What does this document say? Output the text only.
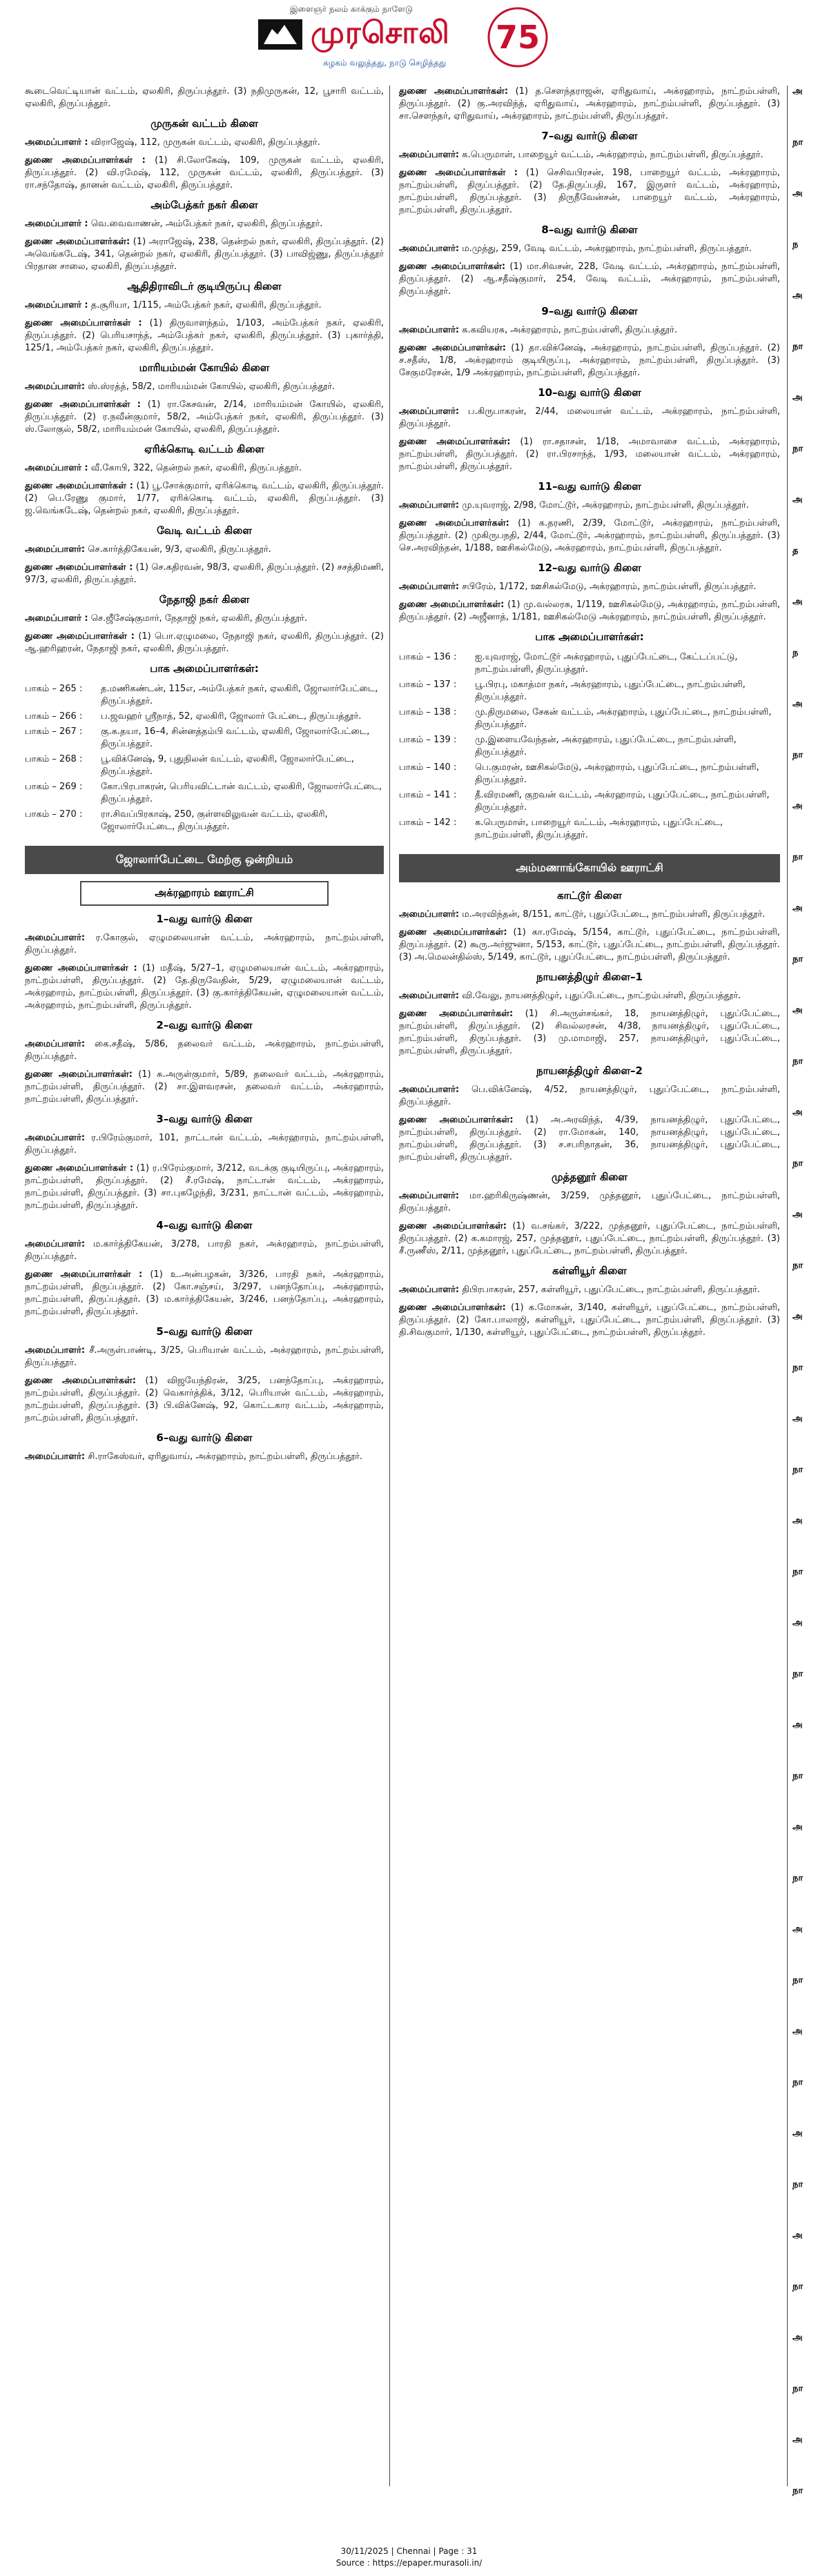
இளைஞர் நலம் காக்கும் நாளேடு
முரசொலி
கழகம் வலுத்தது, நாடு செழித்தது
75

கூடைவெட்டியான் வட்டம், ஏலகிரி, திருப்பத்தூர். (3) நதிமுருகன், 12, பூசாரி வட்டம், ஏலகிரி, திருப்பத்தூர்.

முருகன் வட்டம் கிளை

அமைப்பாளர் : விராஜேஷ், 112, முருகன் வட்டம், ஏலகிரி, திருப்பத்தூர்.

துணை அமைப்பாளர்கள் : (1) சி.லோகேஷ், 109, முருகன் வட்டம், ஏலகிரி, திருப்பத்தூர். (2) வி.ரமேஷ், 112, முருகன் வட்டம், ஏலகிரி, திருப்பத்தூர். (3) ரா.சந்தோஷ், தானன் வட்டம், ஏலகிரி, திருப்பத்தூர்.

அம்பேத்கர் நகர் கிளை

அமைப்பாளர் : வெ.வைவாணன், அம்பேத்கர் நகர், ஏலகிரி, திருப்பத்தூர்.

துணை அமைப்பாளர்கள்: (1) அராஜேஷ், 238, தென்றல் நகர், ஏலகிரி, திருப்பத்தூர். (2) அவெங்கடேஷ், 341, தென்றல் நகர், ஏலகிரி, திருப்பத்தூர். (3) பாவிஜ்ணு, திருப்பத்தூர் பிரதான சாலை, ஏலகிரி, திருப்பத்தூர்.

ஆதிதிராவிடர் குடியிருப்பு கிளை

அமைப்பாளர் : த.சூரியா, 1/115, அம்பேத்கர் நகர், ஏலகிரி, திருப்பத்தூர்.

துணை அமைப்பாளர்கள் : (1) திருவாளந்தம், 1/103, அம்பேத்கர் நகர், ஏலகிரி, திருப்பத்தூர். (2) பெரியசாந்த், அம்பேத்கர் நகர், ஏலகிரி, திருப்பத்தூர். (3) புகார்த்தி, 125/1, அம்பேத்கர் நகர், ஏலகிரி, திருப்பத்தூர்.

மாரியம்மன் கோயில் கிளை

அமைப்பாளர்: ஸ்.ஸ்ரத்த், 58/2, மாரியம்மன் கோயில், ஏலகிரி, திருப்பத்தூர்.

துணை அமைப்பாளர்கள் : (1) ரா.கேசவன், 2/14, மாரியம்மன் கோயில், ஏலகிரி, திருப்பத்தூர். (2) ர.நவீன்குமார், 58/2, அம்பேத்கர் நகர், ஏலகிரி, திருப்பத்தூர். (3) ஸ்.லோகுல், 58/2, மாரியம்மன் கோயில், ஏலகிரி, திருப்பத்தூர்.

ஏரிக்கொடி வட்டம் கிளை

அமைப்பாளர் : வீ.கோபி, 322, தென்றல் நகர், ஏலகிரி, திருப்பத்தூர்.

துணை அமைப்பாளர்கள் : (1) பூ.சோக்குமார், ஏரிக்கொடி வட்டம், ஏலகிரி, திருப்பத்தூர். (2) பெ.ரேணு குமார், 1/77, ஏரிக்கொடி வட்டம், ஏலகிரி, திருப்பத்தூர். (3) ஜ.வெங்கடேஷ், தென்றல் நகர், ஏலகிரி, திருப்பத்தூர்.

வேடி வட்டம் கிளை

அமைப்பாளர்: செ.கார்த்திகேயன், 9/3, ஏலகிரி, திருப்பத்தூர்.

துணை அமைப்பாளர்கள் : (1) செ.கதிரவன், 98/3, ஏலகிரி, திருப்பத்தூர். (2) சசத்திமணி, 97/3, ஏலகிரி, திருப்பத்தூர்.

நேதாஜி நகர் கிளை

அமைப்பாளர் : செ.ஜீசேஷ்குமார், நேதாஜி நகர், ஏலகிரி, திருப்பத்தூர்.

துணை அமைப்பாளர்கள் : (1) பொ.ஏழுமலை, நேதாஜி நகர், ஏலகிரி, திருப்பத்தூர். (2) ஆ.ஹரிஹரன், நேதாஜி நகர், ஏலகிரி, திருப்பத்தூர்.

பாக அமைப்பாளர்கள்:
பாகம் – 265 :	த.மணிகண்டன், 115எ, அம்பேத்கர் நகர், ஏலகிரி, ஜோலார்பேட்டை, திருப்பத்தூர்.
பாகம் – 266 :	ப.ஜவஹர் ஸ்ரீநாத், 52, ஏலகிரி, ஜோலார் பேட்டை, திருப்பத்தூர்.
பாகம் – 267 :	கு.க.தயா, 16–4, சின்னத்தம்பி வட்டம், ஏலகிரி, ஜோலார்பேட்டை, திருப்பத்தூர்.
பாகம் – 268 :	பூ.விக்னேஷ், 9, புதுநிலன் வட்டம், ஏலகிரி, ஜோலார்பேட்டை, திருப்பத்தூர்.
பாகம் – 269 :	கோ.பிரபாகரன், பெரியவிட்டான் வட்டம், ஏலகிரி, ஜோலார்பேட்டை, திருப்பத்தூர்.
பாகம் – 270 :	ரா.சிவப்பிரகாஷ், 250, குள்ளவிலுவன் வட்டம், ஏலகிரி, ஜோலார்பேட்டை, திருப்பத்தூர்.
ஜோலார்பேட்டை மேற்கு ஒன்றியம்
அக்ரஹாரம் ஊராட்சி
1–வது வார்டு கிளை

அமைப்பாளர்: ர.கோகுல், ஏழுமலையான் வட்டம், அக்ரஹாரம், நாட்றம்பள்ளி, திருப்பத்தூர்.

துணை அமைப்பாளர்கள் : (1) மதீஷ், 5/27–1, ஏழுமலையான் வட்டம், அக்ரஹாரம், நாட்றம்பள்ளி, திருப்பத்தூர். (2) தே.திருவேதின், 5/29, ஏழுமலையான் வட்டம், அக்ரஹாரம், நாட்றம்பள்ளி, திருப்பத்தூர். (3) கு.கார்த்திகேயன், ஏழுமலையான் வட்டம், அக்ரஹாரம், நாட்றம்பள்ளி, திருப்பத்தூர்.

2–வது வார்டு கிளை

அமைப்பாளர்: கை.சதீஷ், 5/86, தலைவர் வட்டம், அக்ரஹாரம், நாட்றம்பள்ளி, திருப்பத்தூர்.

துணை அமைப்பாளர்கள்: (1) சு.அருள்குமார், 5/89, தலைவர் வட்டம், அக்ரஹாரம், நாட்றம்பள்ளி, திருப்பத்தூர். (2) சா.இளவரசன், தலைவர் வட்டம், அக்ரஹாரம், நாட்றம்பள்ளி, திருப்பத்தூர்.

3–வது வார்டு கிளை

அமைப்பாளர்: ர.பிரேம்குமார், 101, நாட்டான் வட்டம், அக்ரஹாரம், நாட்றம்பள்ளி, திருப்பத்தூர்.

துணை அமைப்பாளர்கள் : (1) ர.பிரேம்குமார், 3/212, வடக்கு குடியிருப்பு, அக்ரஹாரம், நாட்றம்பள்ளி, திருப்பத்தூர். (2) சீ.ரமேஷ், நாட்டான் வட்டம், அக்ரஹாரம், நாட்றம்பள்ளி, திருப்பத்தூர். (3) சா.புகழேந்தி, 3/231, நாட்டான் வட்டம், அக்ரஹாரம், நாட்றம்பள்ளி, திருப்பத்தூர்.

4–வது வார்டு கிளை

அமைப்பாளர்: ம.கார்த்திகேயன், 3/278, பாரதி நகர், அக்ரஹாரம், நாட்றம்பள்ளி, திருப்பத்தூர்.

துணை அமைப்பாளர்கள் : (1) உ.அன்பழகன், 3/326, பாரதி நகர், அக்ரஹாரம், நாட்றம்பள்ளி, திருப்பத்தூர். (2) கோ.சஞ்சய், 3/297, பனந்தோப்பு, அக்ரஹாரம், நாட்றம்பள்ளி, திருப்பத்தூர். (3) ம.கார்த்திகேயன், 3/246, பனந்தோப்பு, அக்ரஹாரம், நாட்றம்பள்ளி, திருப்பத்தூர்.

5–வது வார்டு கிளை

அமைப்பாளர்: சீ.அருள்பாண்டி, 3/25, பெரியான் வட்டம், அக்ரஹாரம், நாட்றம்பள்ளி, திருப்பத்தூர்.

துணை அமைப்பாளர்கள்: (1) விஜயேந்திரன், 3/25, பனந்தோப்பு, அக்ரஹாரம், நாட்றம்பள்ளி, திருப்பத்தூர். (2) வெகார்த்திக், 3/12, பெரியான் வட்டம், அக்ரஹாரம், நாட்றம்பள்ளி, திருப்பத்தூர். (3) பி.விக்னேஷ், 92, கொட்டகார வட்டம், அக்ரஹாரம், நாட்றம்பள்ளி, திருப்பத்தூர்.

6–வது வார்டு கிளை

அமைப்பாளர்: சி.ராகேஸ்வர், ஏரிதுவாய், அக்ரஹாரம், நாட்றம்பள்ளி, திருப்பத்தூர்.

துணை அமைப்பாளர்கள்: (1) த.செளந்தராஜன், ஏரிதுவாய், அக்ரஹாரம், நாட்றம்பள்ளி, திருப்பத்தூர். (2) கு.அரவிந்த், ஏரிதுவாய், அக்ரஹாரம், நாட்றம்பள்ளி, திருப்பத்தூர். (3) சா.செளந்தர், ஏரிதுவாய், அக்ரஹாரம், நாட்றம்பள்ளி, திருப்பத்தூர்.

7–வது வார்டு கிளை

அமைப்பாளர்: க.பெருமாள், பாறையூர் வட்டம், அக்ரஹாரம், நாட்றம்பள்ளி, திருப்பத்தூர்.

துணை அமைப்பாளர்கள் : (1) செசிவபிரசன், 198, பாறையூர் வட்டம், அக்ரஹாரம், நாட்றம்பள்ளி, திருப்பத்தூர். (2) தே.திருப்பதி, 167, இருளர் வட்டம், அக்ரஹாரம், நாட்றம்பள்ளி, திருப்பத்தூர். (3) திருநீவேன்சன், பாறையூர் வட்டம், அக்ரஹாரம், நாட்றம்பள்ளி, திருப்பத்தூர்.

8–வது வார்டு கிளை

அமைப்பாளர்: ம.முத்து, 259, வேடி வட்டம், அக்ரஹாரம், நாட்றம்பள்ளி, திருப்பத்தூர்.

துணை அமைப்பாளர்கள்: (1) மா.சிவசன், 228, வேடி வட்டம், அக்ரஹாரம், நாட்றம்பள்ளி, திருப்பத்தூர். (2) ஆ.சதீஷ்குமார், 254, வேடி வட்டம், அக்ரஹாரம், நாட்றம்பள்ளி, திருப்பத்தூர்.

9–வது வார்டு கிளை

அமைப்பாளர்: க.கவியரசு, அக்ரஹாரம், நாட்றம்பள்ளி, திருப்பத்தூர்.

துணை அமைப்பாளர்கள்: (1) தா.விக்னேஷ், அக்ரஹாரம், நாட்றம்பள்ளி, திருப்பத்தூர். (2) ச.சதீஸ், 1/8, அக்ரஹாரம் குடியிருப்பு, அக்ரஹாரம், நாட்றம்பள்ளி, திருப்பத்தூர். (3) சேகுமரேசன், 1/9 அக்ரஹாரம், நாட்றம்பள்ளி, திருப்பத்தூர்.

10–வது வார்டு கிளை

அமைப்பாளர்: ப.கிருபாகரன், 2/44, மலையான் வட்டம், அக்ரஹாரம், நாட்றம்பள்ளி, திருப்பத்தூர்.

துணை அமைப்பாளர்கள்: (1) ரா.சதாசன், 1/18, அமாவாசை வட்டம், அக்ரஹாரம், நாட்றம்பள்ளி, திருப்பத்தூர். (2) ரா.பிரசாந்த், 1/93, மலையான் வட்டம், அக்ரஹாரம், நாட்றம்பள்ளி, திருப்பத்தூர்.

11–வது வார்டு கிளை

அமைப்பாளர்: மு.யுவராஜ், 2/98, மோட்டூர், அக்ரஹாரம், நாட்றம்பள்ளி, திருப்பத்தூர்.

துணை அமைப்பாளர்கள்: (1) க.தரணி, 2/39, மோட்டூர், அக்ரஹாரம், நாட்றம்பள்ளி, திருப்பத்தூர். (2) முகிருபநதி, 2/44, மோட்டூர், அக்ரஹாரம், நாட்றம்பள்ளி, திருப்பத்தூர். (3) செ.அரவிந்தன், 1/188, ஊசிகல்மேடு, அக்ரஹாரம், நாட்றம்பள்ளி, திருப்பத்தூர்.

12–வது வார்டு கிளை

அமைப்பாளர்: சபிரேம், 1/172, ஊசிகல்மேடு, அக்ரஹாரம், நாட்றம்பள்ளி, திருப்பத்தூர்.

துணை அமைப்பாளர்கள்: (1) மு.வல்லரசு, 1/119, ஊசிகல்மேடு, அக்ரஹாரம், நாட்றம்பள்ளி, திருப்பத்தூர். (2) அஜீனாத், 1/181, ஊசிகல்மேடு அக்ரஹாரம், நாட்றம்பள்ளி, திருப்பத்தூர்.

பாக அமைப்பாளர்கள்:
பாகம் – 136 :	ஐ.யுவராஜ், மோட்டூர் அக்ரஹாரம், புதுப்பேட்டை, கேட்டப்பட்டு, நாட்றம்பள்ளி, திருப்பத்தூர்.
பாகம் – 137 :	பூ.பிரபு, மகாத்மா நகர், அக்ரஹாரம், புதுப்பேட்டை, நாட்றம்பள்ளி, திருப்பத்தூர்.
பாகம் – 138 :	மு.திருமலை, சேகன் வட்டம், அக்ரஹாரம், புதுப்பேட்டை, நாட்றம்பள்ளி, திருப்பத்தூர்.
பாகம் – 139 :	மு.இளையவேந்தன், அக்ரஹாரம், புதுப்பேட்டை, நாட்றம்பள்ளி, திருப்பத்தூர்.
பாகம் – 140 :	பெ.குமரன், ஊசிகல்மேடு, அக்ரஹாரம், புதுப்பேட்டை, நாட்றம்பள்ளி, திருப்பத்தூர்.
பாகம் – 141 :	தீ.விரமணி, குறவன் வட்டம், அக்ரஹாரம், புதுப்பேட்டை, நாட்றம்பள்ளி, திருப்பத்தூர்.
பாகம் – 142 :	க.பெருமாள், பாறையூர் வட்டம், அக்ரஹாரம், புதுப்பேட்டை, நாட்றம்பள்ளி, திருப்பத்தூர்.
அம்மணாங்கோயில் ஊராட்சி
காட்டூர் கிளை

அமைப்பாளர்: ம.அரவிந்தன், 8/151, காட்டூர், புதுப்பேட்டை, நாட்றம்பள்ளி, திருப்பத்தூர்.

துணை அமைப்பாளர்கள்: (1) கா.ரமேஷ், 5/154, காட்டூர், புதுப்பேட்டை, நாட்றம்பள்ளி, திருப்பத்தூர். (2) கூரு.அர்ஜுனா, 5/153, காட்டூர், புதுப்பேட்டை, நாட்றம்பள்ளி, திருப்பத்தூர். (3) அ.மெலன்தில்ஸ், 5/149, காட்டூர், புதுப்பேட்டை, நாட்றம்பள்ளி, திருப்பத்தூர்.

நாயனத்திழுர் கிளை–1

அமைப்பாளர்: வி.வேலு, நாயனத்திழுர், புதுப்பேட்டை, நாட்றம்பள்ளி, திருப்பத்தூர்.

துணை அமைப்பாளர்கள்: (1) சி.அருள்சங்கர், 18, நாயனத்திழுர், புதுப்பேட்டை, நாட்றம்பள்ளி, திருப்பத்தூர். (2) சிவல்லரசன், 4/38, நாயனத்திழுர், புதுப்பேட்டை, நாட்றம்பள்ளி, திருப்பத்தூர். (3) மு.மாமாஜி, 257, நாயனத்திழுர், புதுப்பேட்டை, நாட்றம்பள்ளி, திருப்பத்தூர்.

நாயனத்திழுர் கிளை–2

அமைப்பாளர்: பெ.விக்னேஷ், 4/52, நாயனத்திழுர், புதுப்பேட்டை, நாட்றம்பள்ளி, திருப்பத்தூர்.

துணை அமைப்பாளர்கள்: (1) அ.அரவிந்த், 4/39, நாயனத்திழுர், புதுப்பேட்டை, நாட்றம்பள்ளி, திருப்பத்தூர். (2) ரா.மோகன், 140, நாயனத்திழுர், புதுப்பேட்டை, நாட்றம்பள்ளி, திருப்பத்தூர். (3) ச.சபரிநாதன், 36, நாயனத்திழுர், புதுப்பேட்டை, நாட்றம்பள்ளி, திருப்பத்தூர்.

முத்தனூர் கிளை

அமைப்பாளர்: மா.ஹரிகிருஷ்ணன், 3/259, முத்தனூர், புதுப்பேட்டை, நாட்றம்பள்ளி, திருப்பத்தூர்.

துணை அமைப்பாளர்கள்: (1) வ.சங்கர், 3/222, முத்தனூர், புதுப்பேட்டை, நாட்றம்பள்ளி, திருப்பத்தூர். (2) க.கமாரஜ், 257, முத்தனூர், புதுப்பேட்டை, நாட்றம்பள்ளி, திருப்பத்தூர். (3) சீ.ருணீஸ், 2/11, முத்தனூர், புதுப்பேட்டை, நாட்றம்பள்ளி, திருப்பத்தூர்.

கள்ளியூர் கிளை

அமைப்பாளர்: திபிரபாகரன், 257, கள்ளியூர், புதுப்பேட்டை, நாட்றம்பள்ளி, திருப்பத்தூர்.

துணை அமைப்பாளர்கள்: (1) க.மோகன், 3/140, கள்ளியூர், புதுப்பேட்டை, நாட்றம்பள்ளி, திருப்பத்தூர். (2) கோ.பாலாஜி, கள்ளியூர், புதுப்பேட்டை, நாட்றம்பள்ளி, திருப்பத்தூர். (3) தி.சிவகுமார், 1/130, கள்ளியூர், புதுப்பேட்டை, நாட்றம்பள்ளி, திருப்பத்தூர்.

அ
நா
அ
ந
அ
நா
அ
நா
அ
த
அ
ந
அ
நா
அ
நா
அ
நா
அ
நா
அ
நா
அ
நா
அ
நா
அ
நா
அ
நா
அ
நா
அ
நா
அ
நா
அ
நா
அ
நா
அ
நா
அ
நா
அ
நா
அ
நா
30/11/2025 | Chennai | Page : 31
Source : https://epaper.murasoli.in/
